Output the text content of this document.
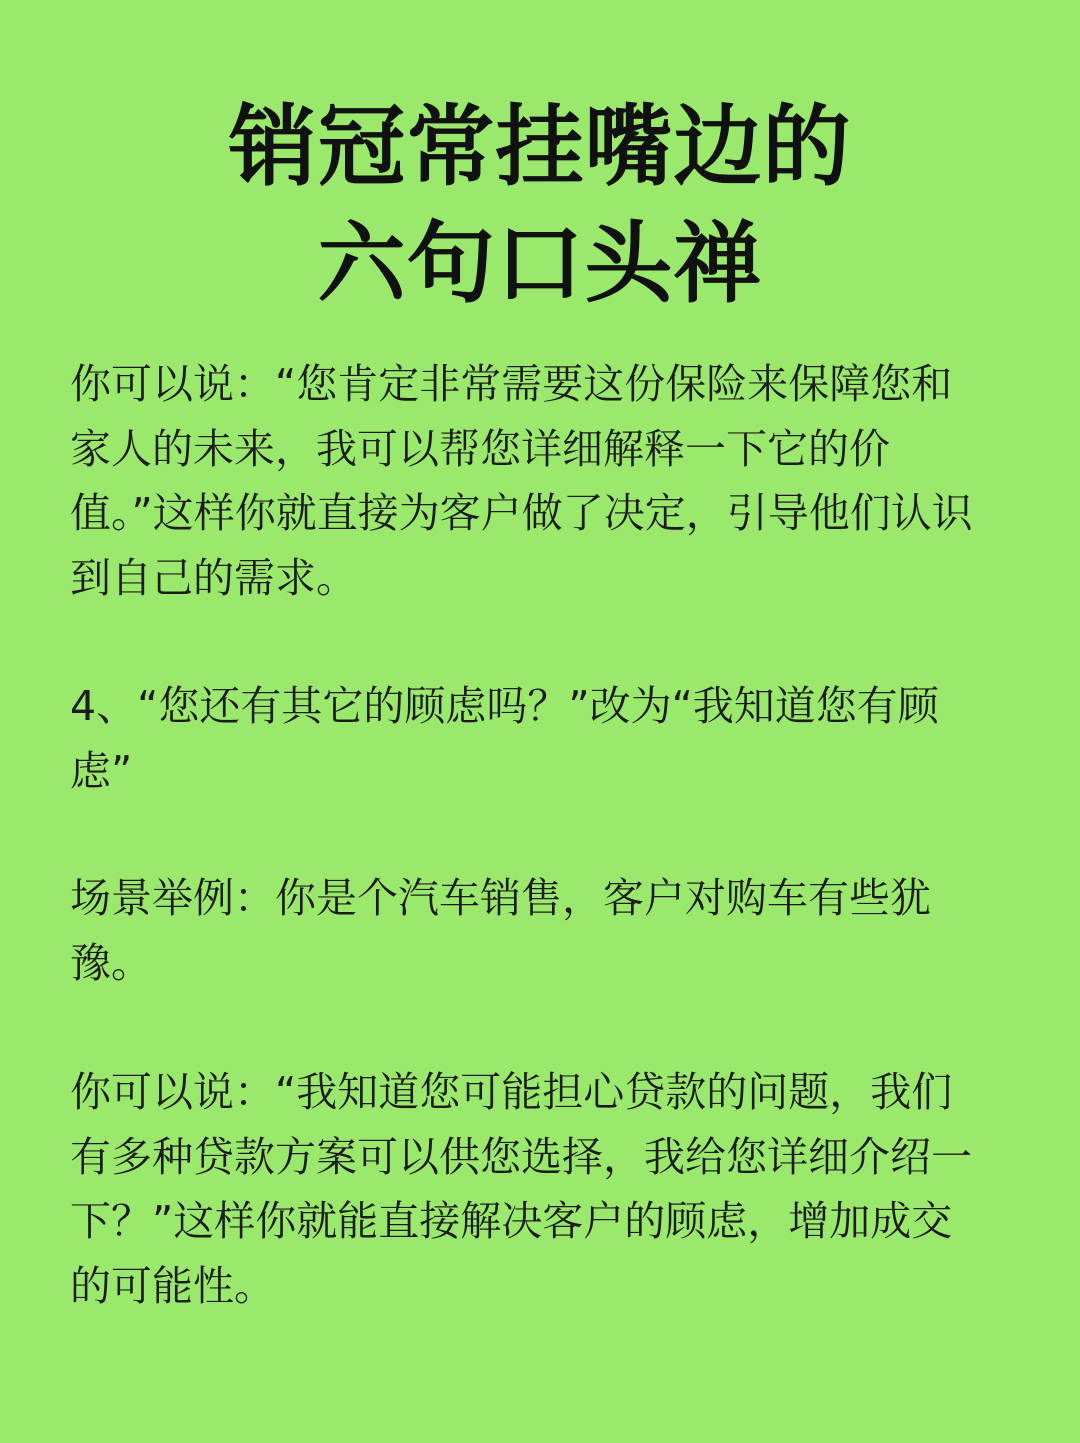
销冠常挂嘴边的
六句口头禅

你可以说：“您肯定非常需要这份保险来保障您和家人的未来，我可以帮您详细解释一下它的价值。”这样你就直接为客户做了决定，引导他们认识到自己的需求。

4、“您还有其它的顾虑吗？”改为“我知道您有顾虑”

场景举例：你是个汽车销售，客户对购车有些犹豫。

你可以说：“我知道您可能担心贷款的问题，我们有多种贷款方案可以供您选择，我给您详细介绍一下？”这样你就能直接解决客户的顾虑，增加成交的可能性。
